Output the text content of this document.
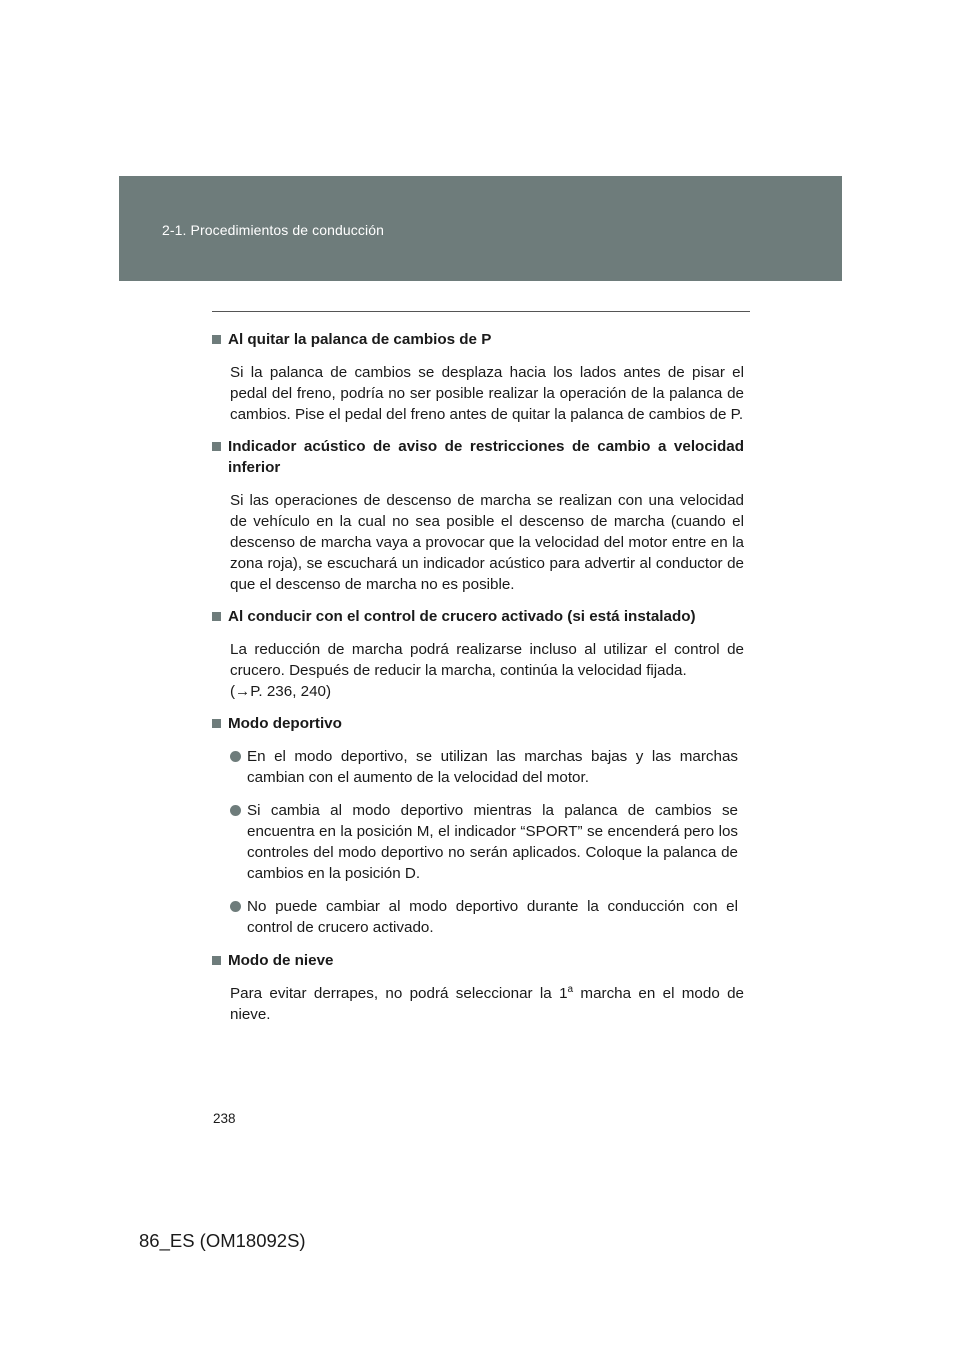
2-1. Procedimientos de conducción
Al quitar la palanca de cambios de P

Si la palanca de cambios se desplaza hacia los lados antes de pisar el pedal del freno, podría no ser posible realizar la operación de la palanca de cambios. Pise el pedal del freno antes de quitar la palanca de cambios de P.

Indicador acústico de aviso de restricciones de cambio a velocidad inferior

Si las operaciones de descenso de marcha se realizan con una velocidad de vehículo en la cual no sea posible el descenso de marcha (cuando el descenso de marcha vaya a provocar que la velocidad del motor entre en la zona roja), se escuchará un indicador acústico para advertir al conductor de que el descenso de marcha no es posible.

Al conducir con el control de crucero activado (si está instalado)

La reducción de marcha podrá realizarse incluso al utilizar el control de crucero. Después de reducir la marcha, continúa la velocidad fijada.
(→P. 236, 240)

Modo deportivo
En el modo deportivo, se utilizan las marchas bajas y las marchas cambian con el aumento de la velocidad del motor.
Si cambia al modo deportivo mientras la palanca de cambios se encuentra en la posición M, el indicador “SPORT” se encenderá pero los controles del modo deportivo no serán aplicados. Coloque la palanca de cambios en la posición D.
No puede cambiar al modo deportivo durante la conducción con el control de crucero activado.
Modo de nieve

Para evitar derrapes, no podrá seleccionar la 1$^a$ marcha en el modo de nieve.

238
86_ES (OM18092S)
